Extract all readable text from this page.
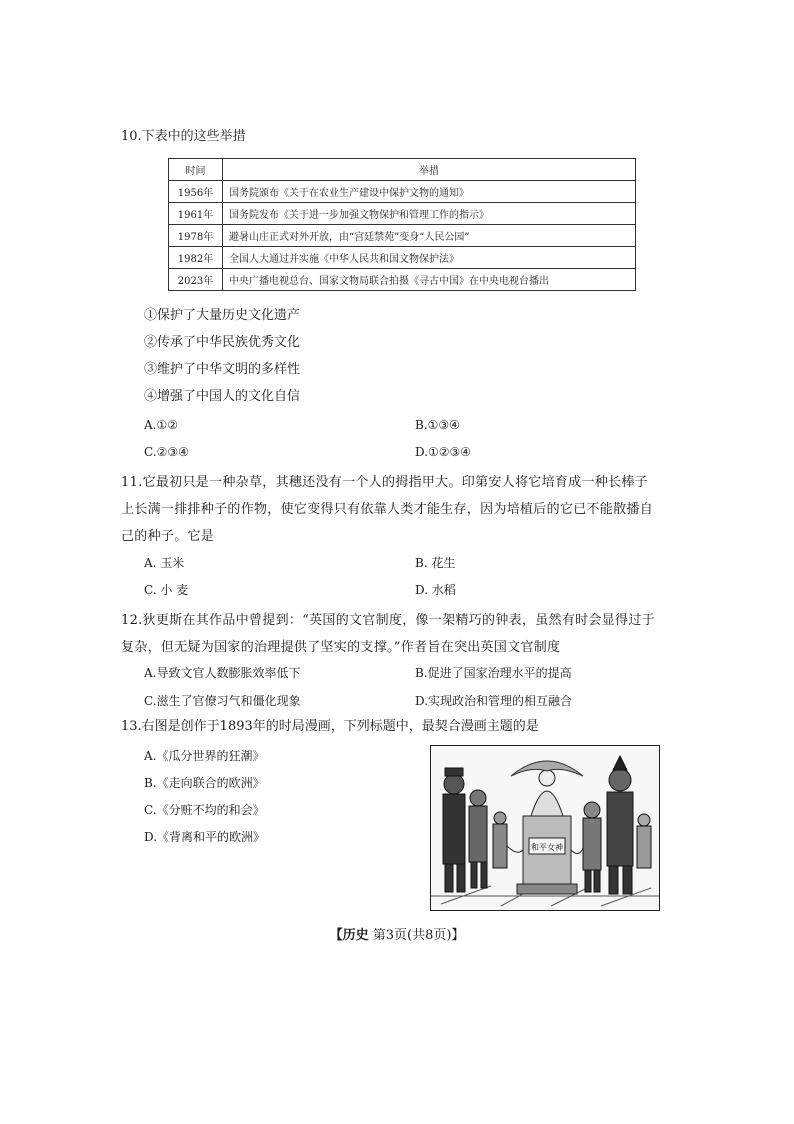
10.下表中的这些举措
时间	举措
1956年	国务院颁布《关于在农业生产建设中保护文物的通知》
1961年	国务院发布《关于进一步加强文物保护和管理工作的指示》
1978年	避暑山庄正式对外开放，由“宫廷禁苑”变身“人民公园”
1982年	全国人大通过并实施《中华人民共和国文物保护法》
2023年	中央广播电视总台、国家文物局联合拍摄《寻古中国》在中央电视台播出
①保护了大量历史文化遗产
②传承了中华民族优秀文化
③维护了中华文明的多样性
④增强了中国人的文化自信
A.①②	B.①③④
C.②③④	D.①②③④
11.它最初只是一种杂草，其穗还没有一个人的拇指甲大。印第安人将它培育成一种长棒子上长满一排排种子的作物，使它变得只有依靠人类才能生存，因为培植后的它已不能散播自己的种子。它是
A. 玉米	B. 花生
C. 小 麦	D. 水稻
12.狄更斯在其作品中曾提到：“英国的文官制度，像一架精巧的钟表，虽然有时会显得过于复杂，但无疑为国家的治理提供了坚实的支撑。”作者旨在突出英国文官制度
A.导致文官人数膨胀效率低下	B.促进了国家治理水平的提高
C.滋生了官僚习气和僵化现象	D.实现政治和管理的相互融合
13.右图是创作于1893年的时局漫画，下列标题中，最契合漫画主题的是
A.《瓜分世界的狂潮》
B.《走向联合的欧洲》
C.《分赃不均的和会》
D.《背离和平的欧洲》
和平女神
【历史 第3页(共8页)】
